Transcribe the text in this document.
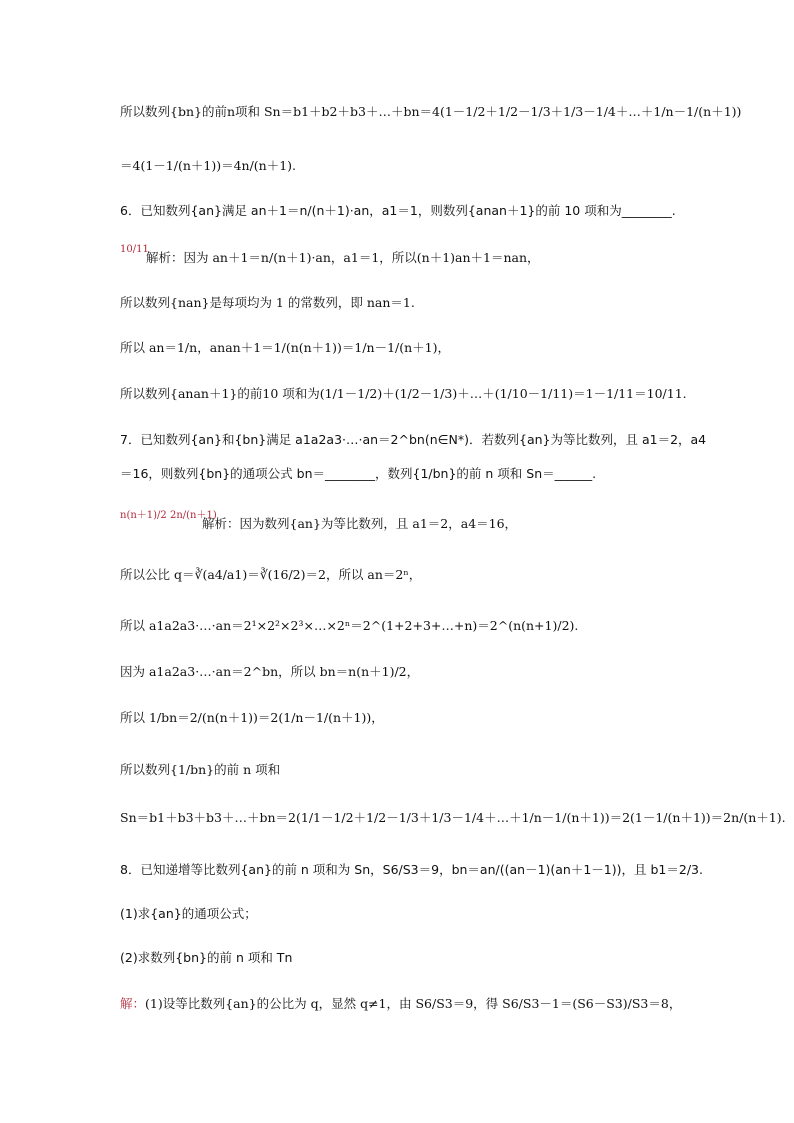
所以数列{bn}的前n项和 Sn＝b1＋b2＋b3＋…＋bn＝4(1－1/2＋1/2－1/3＋1/3－1/4＋…＋1/n－1/(n＋1))
＝4(1－1/(n＋1))＝4n/(n＋1).
6．已知数列{an}满足 an＋1＝n/(n＋1)·an，a1＝1，则数列{anan＋1}的前 10 项和为________.
10/11
解析：因为 an＋1＝n/(n＋1)·an，a1＝1，所以(n＋1)an＋1＝nan，
所以数列{nan}是每项均为 1 的常数列，即 nan＝1.
所以 an＝1/n，anan＋1＝1/(n(n＋1))＝1/n－1/(n＋1)，
所以数列{anan＋1}的前10 项和为(1/1－1/2)＋(1/2－1/3)＋…＋(1/10－1/11)＝1－1/11＝10/11.
7．已知数列{an}和{bn}满足 a1a2a3·…·an＝2^bn(n∈N*)．若数列{an}为等比数列，且 a1＝2，a4
＝16，则数列{bn}的通项公式 bn＝________，数列{1/bn}的前 n 项和 Sn＝______.
n(n＋1)/2 2n/(n＋1)
解析：因为数列{an}为等比数列，且 a1＝2，a4＝16，
所以公比 q＝∛(a4/a1)＝∛(16/2)＝2，所以 an＝2ⁿ，
所以 a1a2a3·…·an＝2¹×2²×2³×…×2ⁿ＝2^(1+2+3+…+n)＝2^(n(n+1)/2).
因为 a1a2a3·…·an＝2^bn，所以 bn＝n(n＋1)/2，
所以 1/bn＝2/(n(n＋1))＝2(1/n－1/(n＋1))，
所以数列{1/bn}的前 n 项和
Sn＝b1＋b3＋b3＋…＋bn＝2(1/1－1/2＋1/2－1/3＋1/3－1/4＋…＋1/n－1/(n＋1))＝2(1－1/(n＋1))＝2n/(n＋1).
8．已知递增等比数列{an}的前 n 项和为 Sn，S6/S3＝9，bn＝an/((an－1)(an＋1－1))，且 b1＝2/3.
(1)求{an}的通项公式；
(2)求数列{bn}的前 n 项和 Tn
解：(1)设等比数列{an}的公比为 q，显然 q≠1，由 S6/S3＝9，得 S6/S3－1＝(S6－S3)/S3＝8，
